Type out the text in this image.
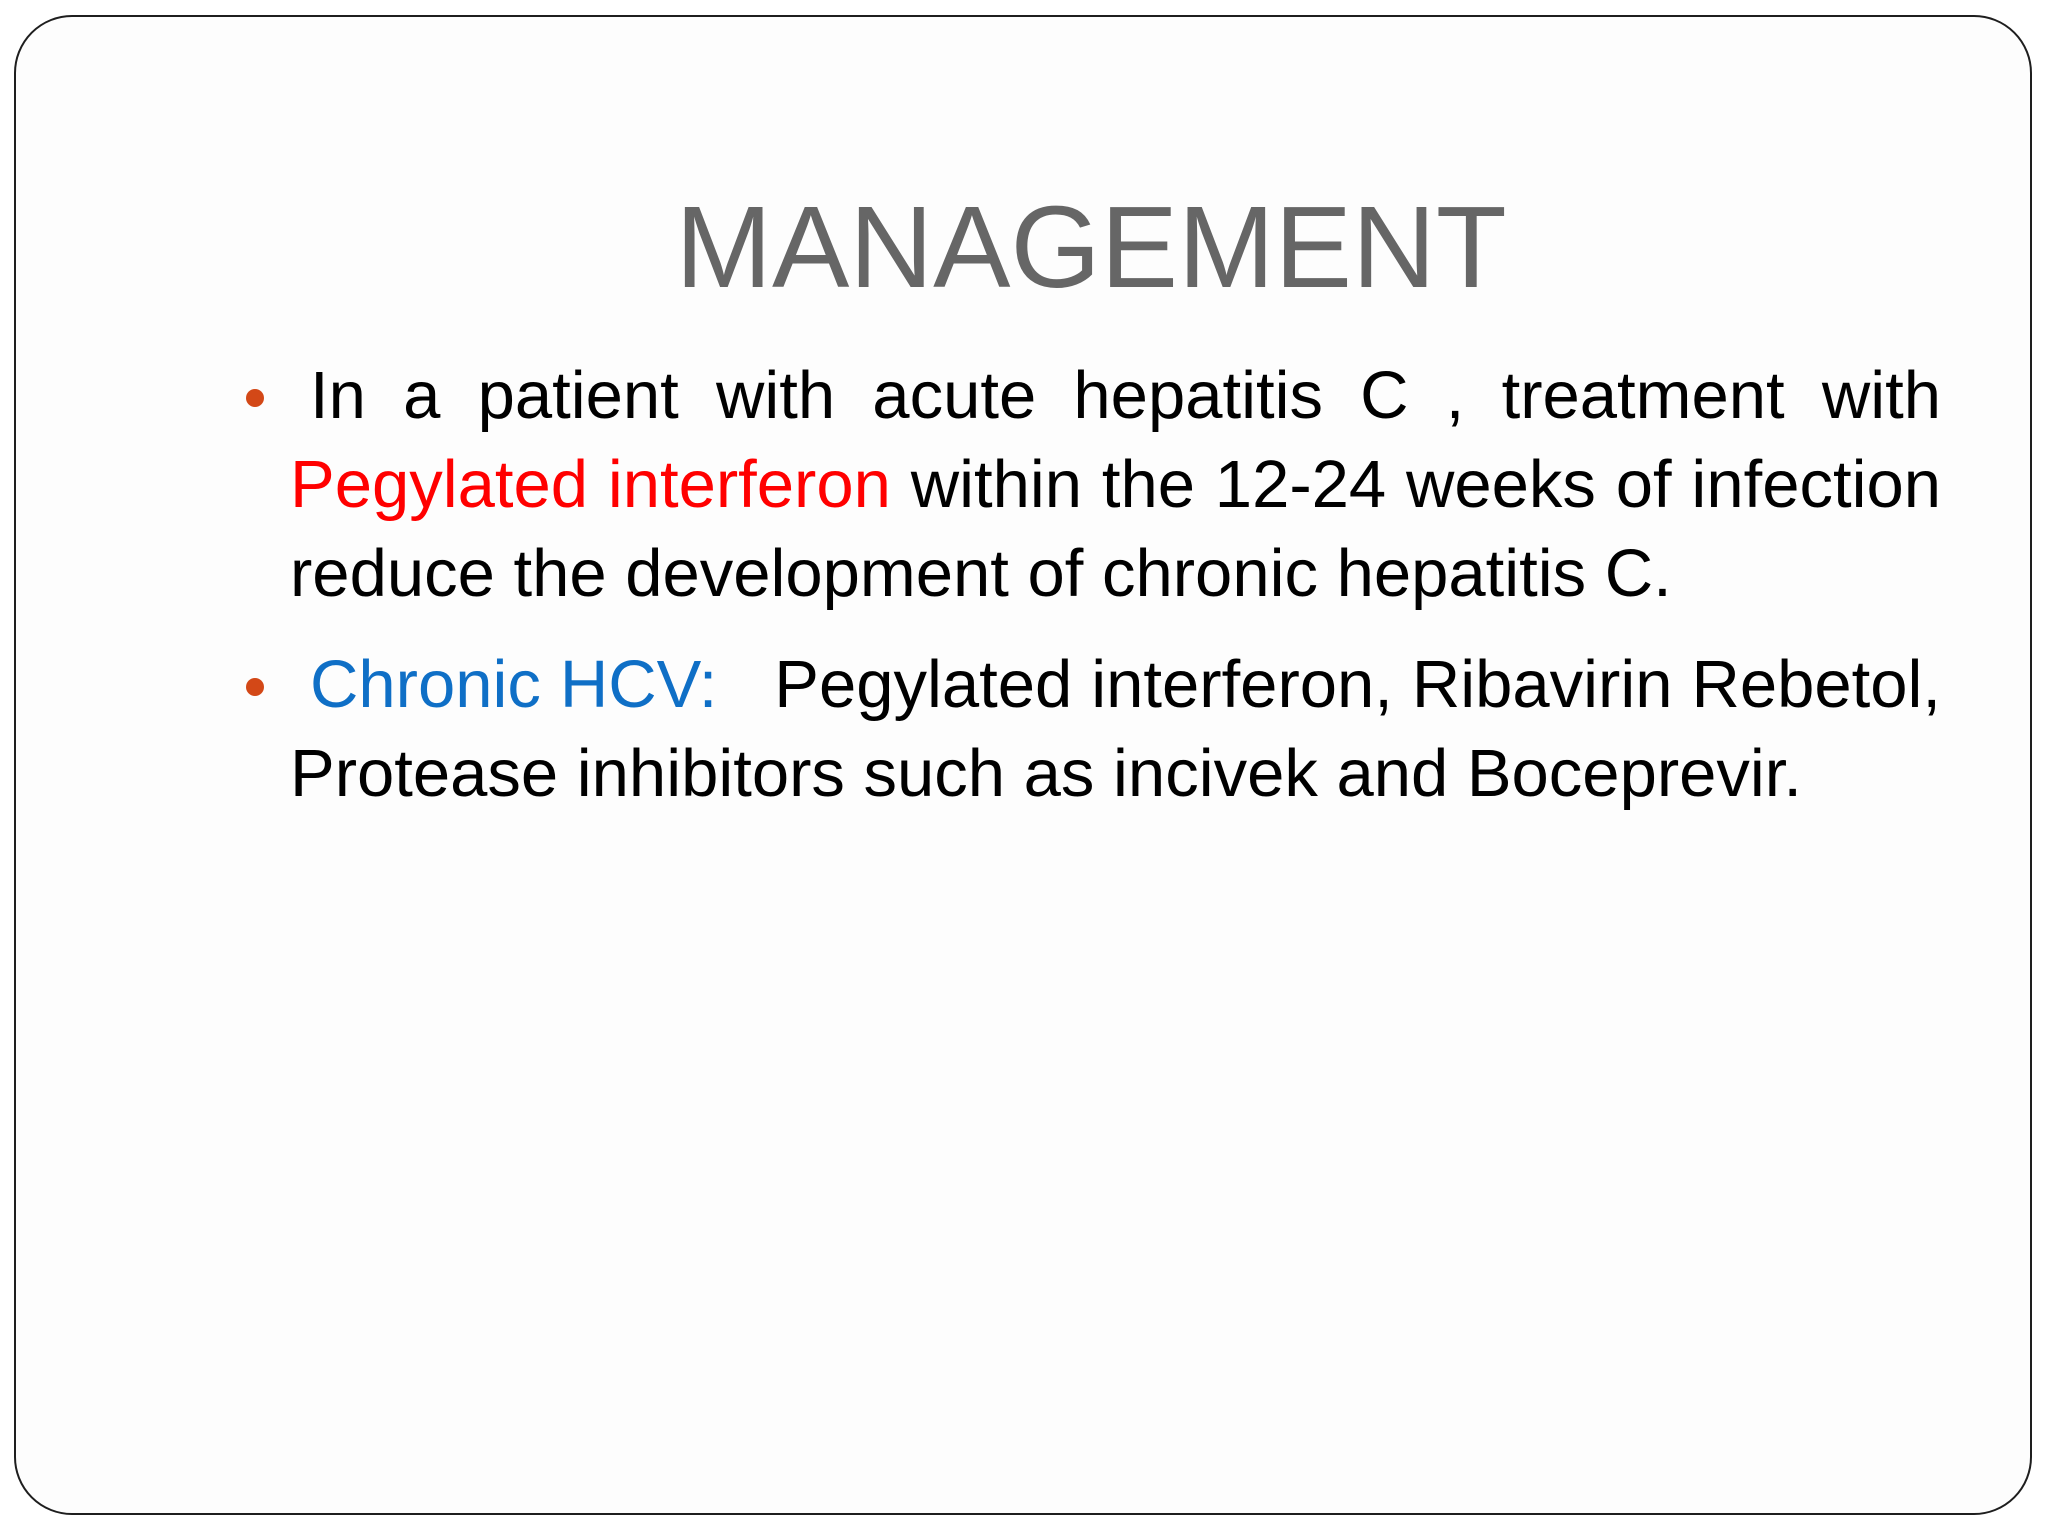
MANAGEMENT
In a patient with acute hepatitis C , treatment with Pegylated interferon within the 12-24 weeks of infection reduce the development of chronic hepatitis C.
Chronic HCV: Pegylated interferon, Ribavirin Rebetol, Protease inhibitors such as incivek and Boceprevir.
